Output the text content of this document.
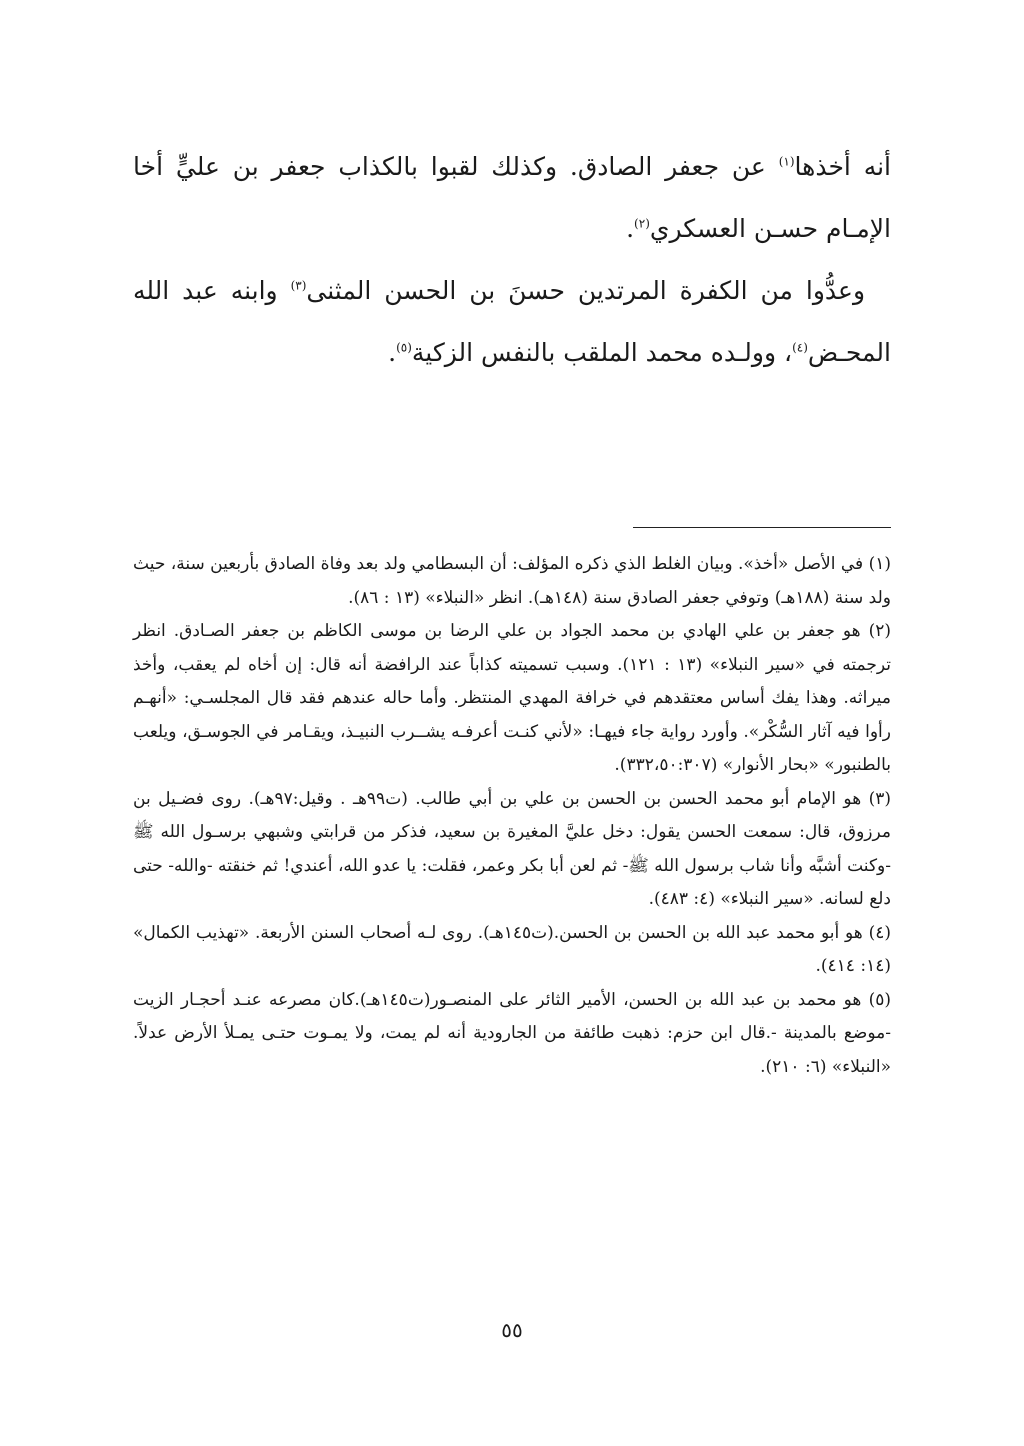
أنه أخذها$^{(١)}$ عن جعفر الصادق. وكذلك لقبوا بالكذاب جعفر بن عليٍّ أخا الإمـام حسـن العسكري$^{(٢)}$.

وعدُّوا من الكفرة المرتدين حسنَ بن الحسن المثنى$^{(٣)}$ وابنه عبد الله المحـض$^{(٤)}$، وولـده محمد الملقب بالنفس الزكية$^{(٥)}$.

(١) في الأصل «أخذ». وبيان الغلط الذي ذكره المؤلف: أن البسطامي ولد بعد وفاة الصادق بأربعين سنة، حيث ولد سنة (١٨٨هـ) وتوفي جعفر الصادق سنة (١٤٨هـ). انظر «النبلاء» (١٣ : ٨٦).

(٢) هو جعفر بن علي الهادي بن محمد الجواد بن علي الرضا بن موسى الكاظم بن جعفر الصـادق. انظر ترجمته في «سير النبلاء» (١٣ : ١٢١). وسبب تسميته كذاباً عند الرافضة أنه قال: إن أخاه لم يعقب، وأخذ ميراثه. وهذا يفك أساس معتقدهم في خرافة المهدي المنتظر. وأما حاله عندهم فقد قال المجلسـي: «أنهـم رأوا فيه آثار السُّكْر». وأورد رواية جاء فيهـا: «لأني كنـت أعرفـه يشــرب النبيـذ، ويقـامر في الجوسـق، ويلعب بالطنبور» «بحار الأنوار» (٣٣٢،٥٠:٣٠٧).

(٣) هو الإمام أبو محمد الحسن بن الحسن بن علي بن أبي طالب. (ت٩٩هـ . وقيل:٩٧هـ). روى فضـيل بن مرزوق، قال: سمعت الحسن يقول: دخل عليَّ المغيرة بن سعيد، فذكر من قرابتي وشبهي برسـول الله ﷺ -وكنت أشبَّه وأنا شاب برسول الله ﷺ- ثم لعن أبا بكر وعمر، فقلت: يا عدو الله، أعندي! ثم خنقته -والله- حتى دلع لسانه. «سير النبلاء» (٤: ٤٨٣).

(٤) هو أبو محمد عبد الله بن الحسن بن الحسن.(ت١٤٥هـ). روى لـه أصحاب السنن الأربعة. «تهذيب الكمال» (١٤: ٤١٤).

(٥) هو محمد بن عبد الله بن الحسن، الأمير الثائر على المنصـور(ت١٤٥هـ).كان مصرعه عنـد أحجـار الزيت -موضع بالمدينة -.قال ابن حزم: ذهبت طائفة من الجارودية أنه لم يمت، ولا يمـوت حتـى يمـلأ الأرض عدلاً. «النبلاء» (٦: ٢١٠).

٥٥
